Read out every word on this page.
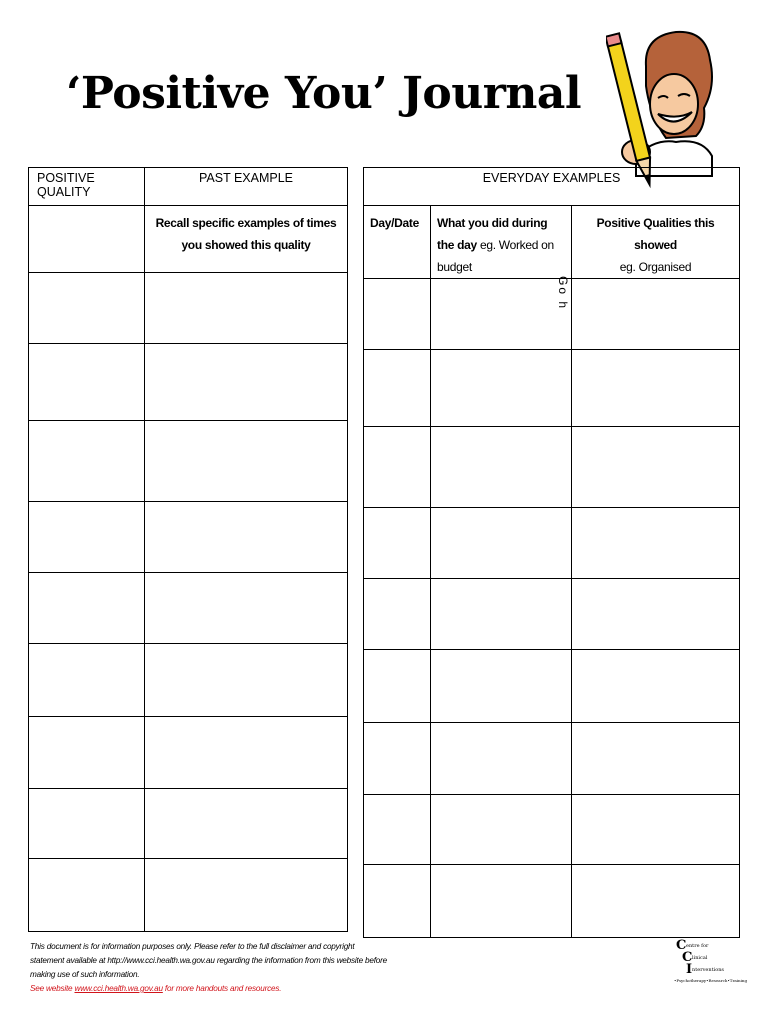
‘Positive You’ Journal
POSITIVE QUALITY	PAST EXAMPLE
	Recall specific examples of times you showed this quality

EVERYDAY EXAMPLES		
Day/Date	What you did during the day eg. Worked on budget	Positive Qualities this showed
eg. Organised

Go h
This document is for information purposes only. Please refer to the full disclaimer and copyright statement available at http://www.cci.health.wa.gov.au regarding the information from this website before making use of such information.
See website www.cci.health.wa.gov.au for more handouts and resources.
C entre for
C linical
I nterventions
•Psychotherapy•Research•Training
